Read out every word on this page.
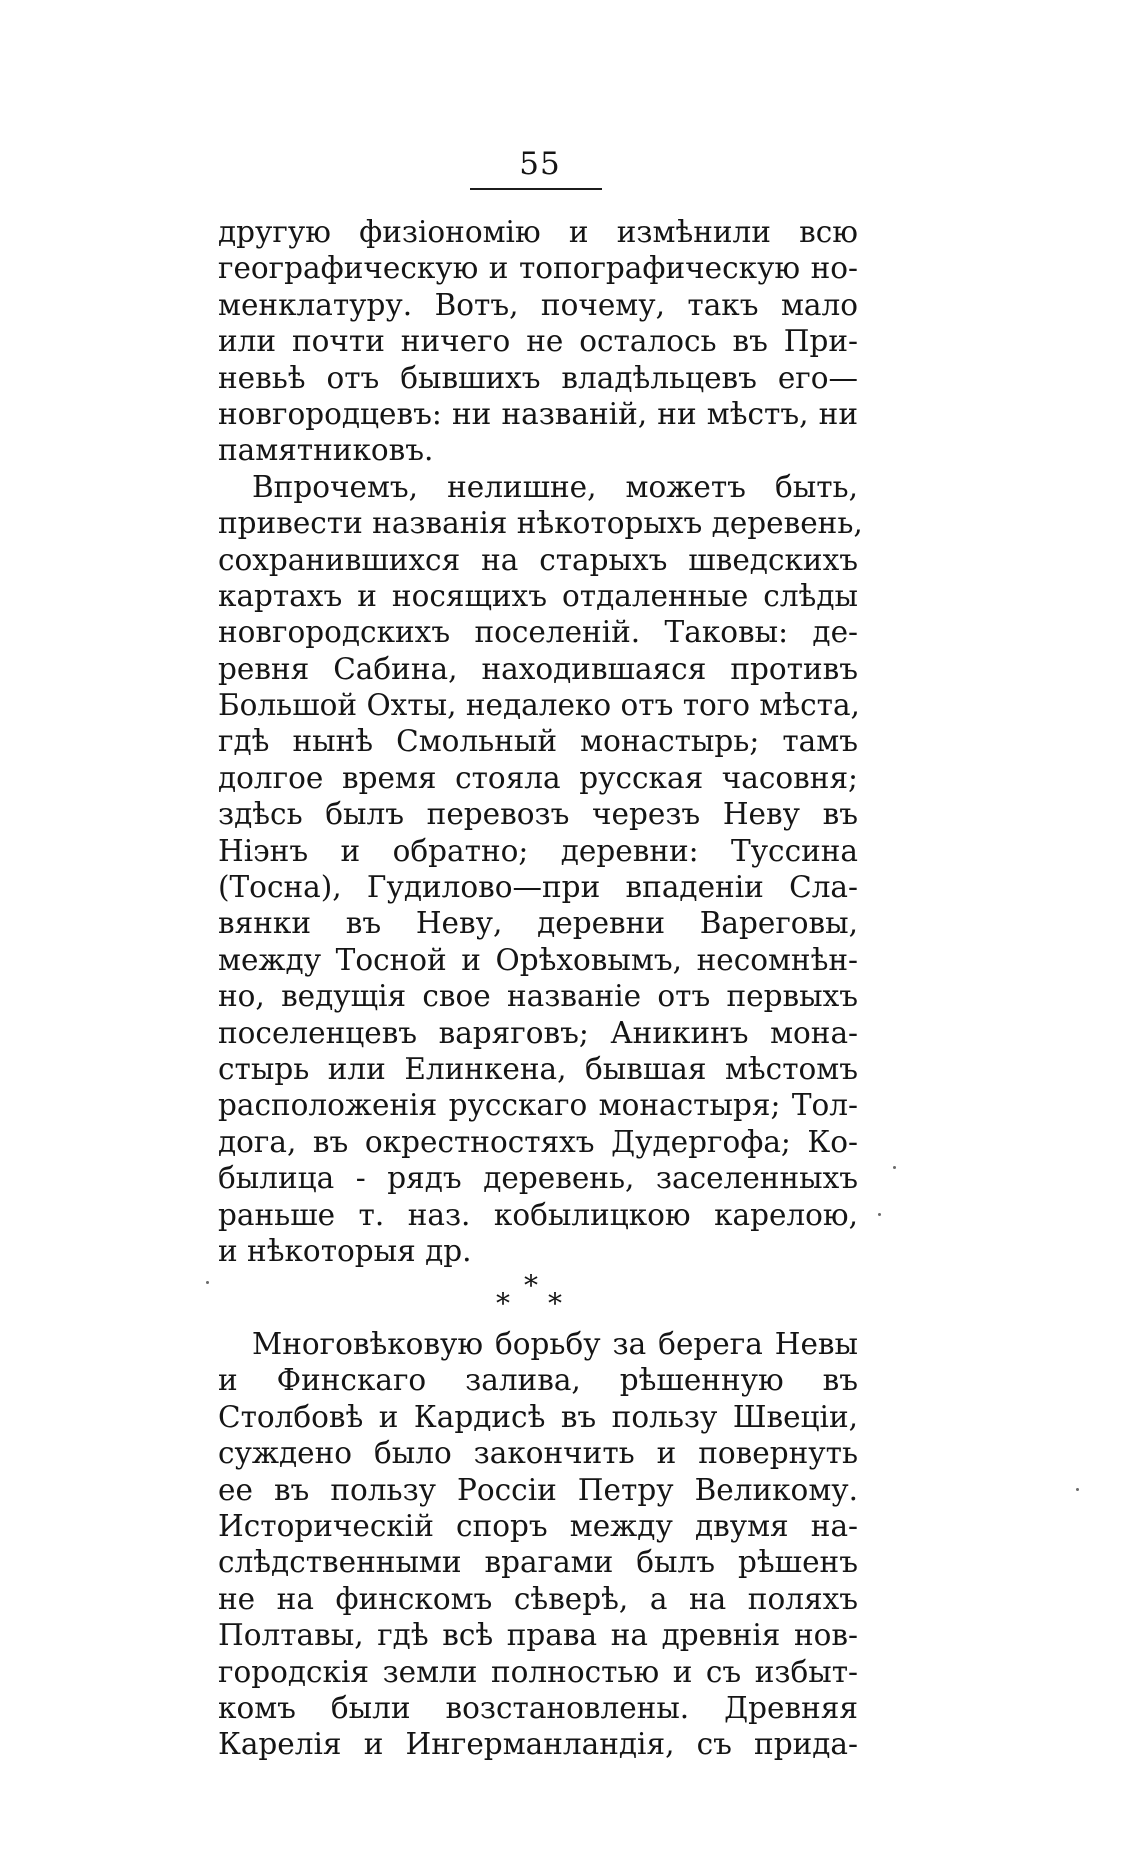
55
другую физіономію и измѣнили всю
географическую и топографическую но-
менклатуру. Вотъ, почему, такъ мало
или почти ничего не осталось въ При-
невьѣ отъ бывшихъ владѣльцевъ его—
новгородцевъ: ни названій, ни мѣстъ, ни
памятниковъ.
Впрочемъ, нелишне, можетъ быть,
привести названія нѣкоторыхъ деревень,
сохранившихся на старыхъ шведскихъ
картахъ и носящихъ отдаленные слѣды
новгородскихъ поселеній. Таковы: де-
ревня Сабина, находившаяся противъ
Большой Охты, недалеко отъ того мѣста,
гдѣ нынѣ Смольный монастырь; тамъ
долгое время стояла русская часовня;
здѣсь былъ перевозъ черезъ Неву въ
Ніэнъ и обратно; деревни: Туссина
(Тосна), Гудилово—при впаденіи Сла-
вянки въ Неву, деревни Вареговы,
между Тосной и Орѣховымъ, несомнѣн-
но, ведущія свое названіе отъ первыхъ
поселенцевъ варяговъ; Аникинъ мона-
стырь или Елинкена, бывшая мѣстомъ
расположенія русскаго монастыря; Тол-
дога, въ окрестностяхъ Дудергофа; Ко-
былица - рядъ деревень, заселенныхъ
раньше т. наз. кобылицкою карелою,
и нѣкоторыя др.
*
*
*
Многовѣковую борьбу за берега Невы
и Финскаго залива, рѣшенную въ
Столбовѣ и Кардисѣ въ пользу Швеціи,
суждено было закончить и повернуть
ее въ пользу Россіи Петру Великому.
Историческій споръ между двумя на-
слѣдственными врагами былъ рѣшенъ
не на финскомъ сѣверѣ, а на поляхъ
Полтавы, гдѣ всѣ права на древнія нов-
городскія земли полностью и съ избыт-
комъ были возстановлены. Древняя
Карелія и Ингерманландія, съ прида-
